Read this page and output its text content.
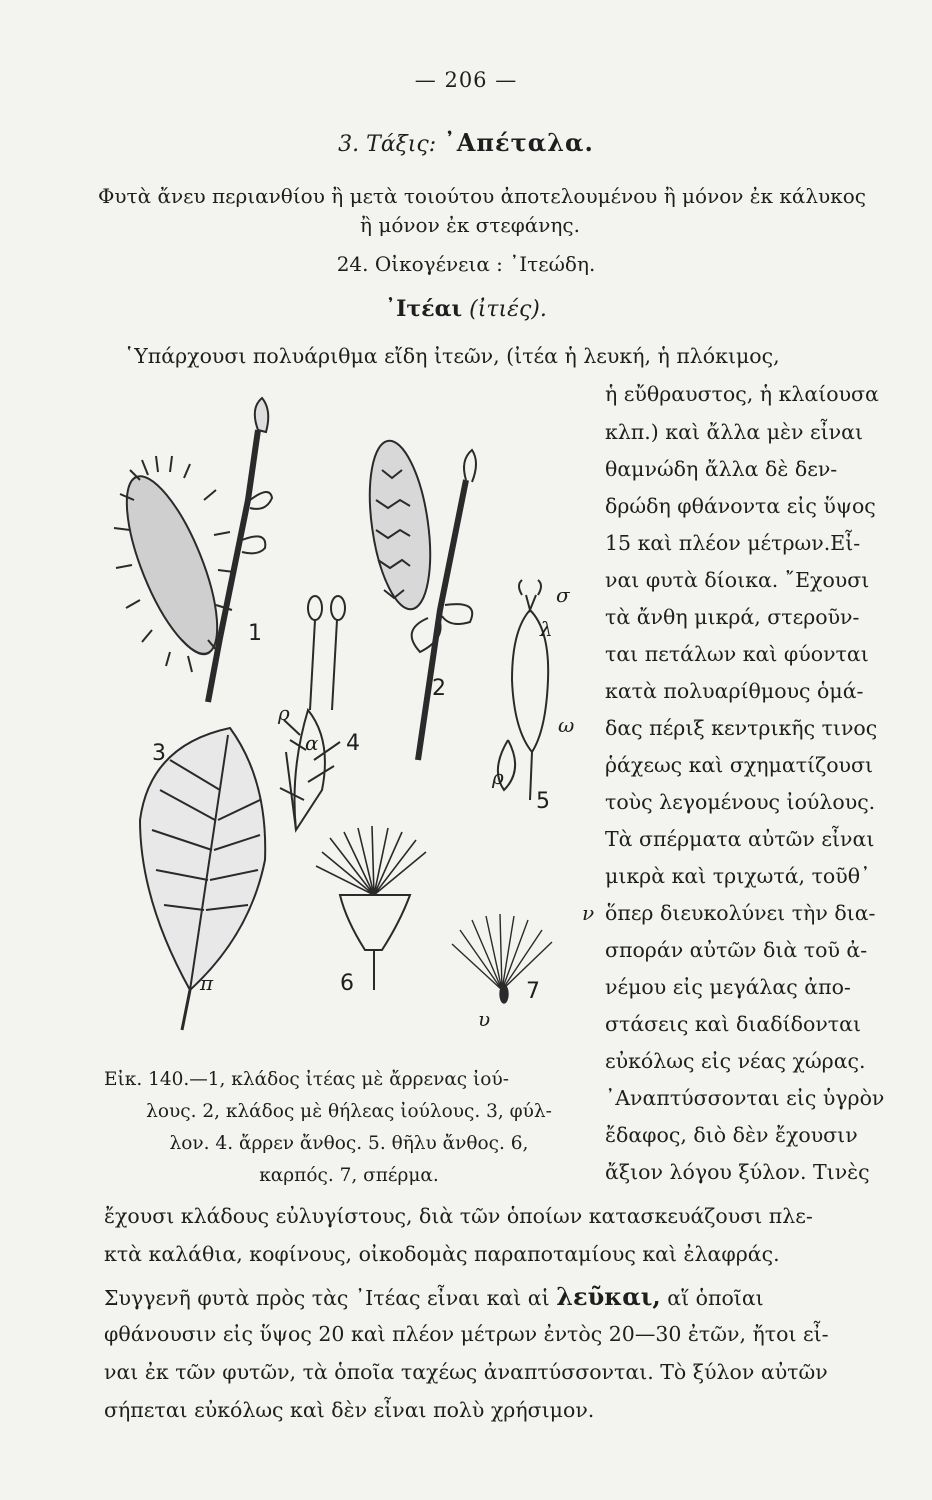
— 206 —
3. Τάξις: ᾿Απέταλα.
Φυτὰ ἄνευ περιανθίου ἢ μετὰ τοιούτου ἀποτελουμένου ἢ μόνον ἐκ κάλυκος
ἢ μόνον ἐκ στεφάνης.
24. Οἰκογένεια : ᾿Ιτεώδη.
᾿Ιτέαι (ἰτιές).
῾Υπάρχουσι πολυάριθμα εἴδη ἰτεῶν, (ἰτέα ἡ λευκή, ἡ πλόκιμος,
ἡ εὔθραυστος, ἡ κλαίουσα
κλπ.) καὶ ἄλλα μὲν εἶναι
θαμνώδη ἄλλα δὲ δεν-
δρώδη φθάνοντα εἰς ὕψος
15 καὶ πλέον μέτρων.Εἶ-
ναι φυτὰ δίοικα. ῎Εχουσι
τὰ ἄνθη μικρά, στεροῦν-
ται πετάλων καὶ φύονται
κατὰ πολυαρίθμους ὁμά-
δας πέριξ κεντρικῆς τινος
ῥάχεως καὶ σχηματίζουσι
τοὺς λεγομένους ἰούλους.
Τὰ σπέρματα αὐτῶν εἶναι
μικρὰ καὶ τριχωτά, τοῦθ᾿
ὅπερ διευκολύνει τὴν δια-
σποράν αὐτῶν διὰ τοῦ ἀ-
νέμου εἰς μεγάλας ἀπο-
στάσεις καὶ διαδίδονται
εὐκόλως εἰς νέας χώρας.
᾿Αναπτύσσονται εἰς ὑγρὸν
ἔδαφος, διὸ δὲν ἔχουσιν
ἄξιον λόγου ξύλον. Τινὲς
1
2
3
π
ρ
α 4
σ
λ
ω
ρ
5
6
ν
υ
7
Εἰκ. 140.—1, κλάδος ἰτέας μὲ ἄρρενας ἰού-
λους. 2, κλάδος μὲ θήλεας ἰούλους. 3, φύλ-
λον. 4. ἄρρεν ἄνθος. 5. θῆλυ ἄνθος. 6,
καρπός. 7, σπέρμα.
ἔχουσι κλάδους εὐλυγίστους, διὰ τῶν ὁποίων κατασκευάζουσι πλε-
κτὰ καλάθια, κοφίνους, οἰκοδομὰς παραποταμίους καὶ ἐλαφράς.
Συγγενῆ φυτὰ πρὸς τὰς ᾿Ιτέας εἶναι καὶ αἱ λεῦκαι, αἵ ὁποῖαι
φθάνουσιν εἰς ὕψος 20 καὶ πλέον μέτρων ἐντὸς 20—30 ἐτῶν, ἤτοι εἶ-
ναι ἐκ τῶν φυτῶν, τὰ ὁποῖα ταχέως ἀναπτύσσονται. Τὸ ξύλον αὐτῶν
σήπεται εὐκόλως καὶ δὲν εἶναι πολὺ χρήσιμον.
